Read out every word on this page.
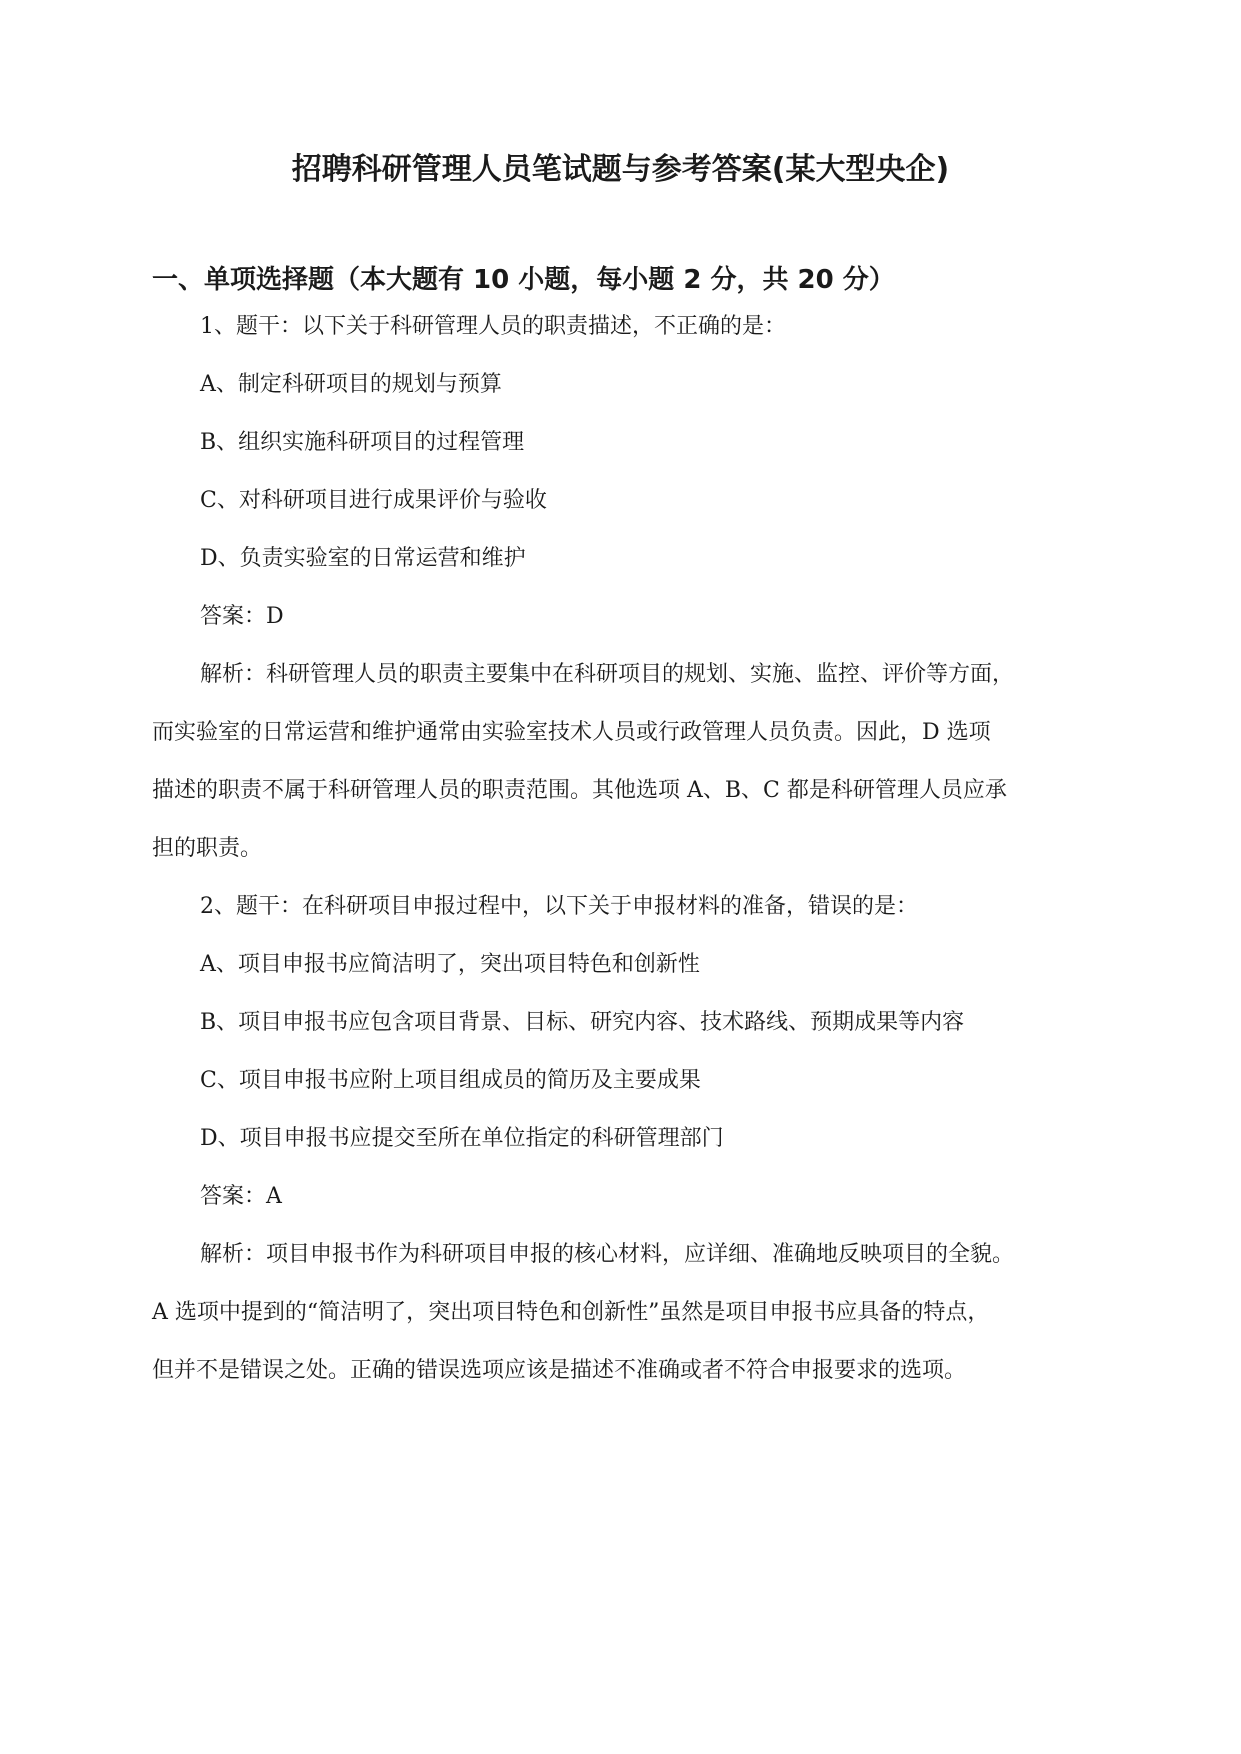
招聘科研管理人员笔试题与参考答案(某大型央企)
一、单项选择题（本大题有 10 小题，每小题 2 分，共 20 分）
1、题干：以下关于科研管理人员的职责描述，不正确的是：
A、制定科研项目的规划与预算
B、组织实施科研项目的过程管理
C、对科研项目进行成果评价与验收
D、负责实验室的日常运营和维护
答案：D
解析：科研管理人员的职责主要集中在科研项目的规划、实施、监控、评价等方面，
而实验室的日常运营和维护通常由实验室技术人员或行政管理人员负责。因此，D 选项
描述的职责不属于科研管理人员的职责范围。其他选项 A、B、C 都是科研管理人员应承
担的职责。
2、题干：在科研项目申报过程中，以下关于申报材料的准备，错误的是：
A、项目申报书应简洁明了，突出项目特色和创新性
B、项目申报书应包含项目背景、目标、研究内容、技术路线、预期成果等内容
C、项目申报书应附上项目组成员的简历及主要成果
D、项目申报书应提交至所在单位指定的科研管理部门
答案：A
解析：项目申报书作为科研项目申报的核心材料，应详细、准确地反映项目的全貌。
A 选项中提到的“简洁明了，突出项目特色和创新性”虽然是项目申报书应具备的特点，
但并不是错误之处。正确的错误选项应该是描述不准确或者不符合申报要求的选项。
